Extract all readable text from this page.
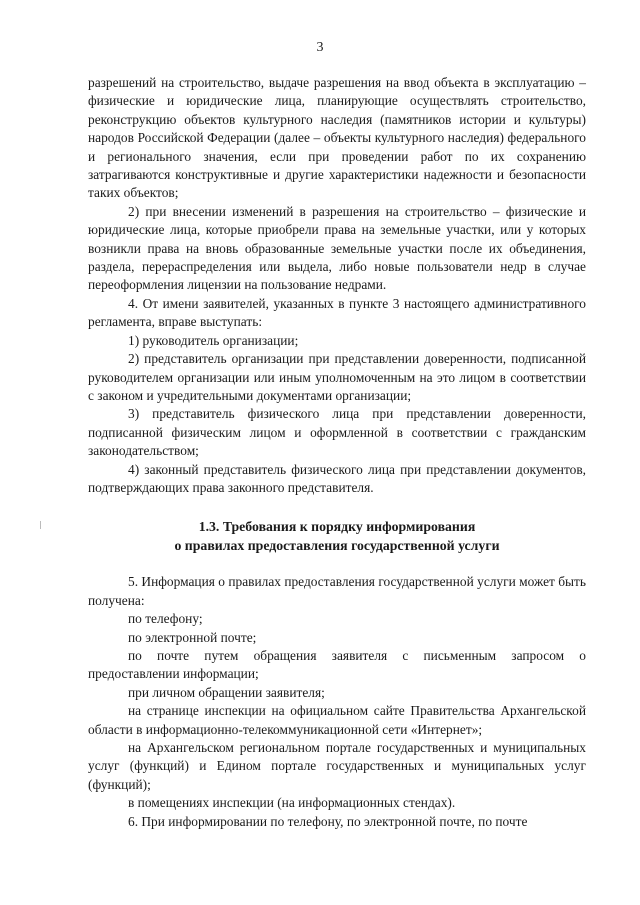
3

разрешений на строительство, выдаче разрешения на ввод объекта в эксплуатацию – физические и юридические лица, планирующие осуществлять строительство, реконструкцию объектов культурного наследия (памятников истории и культуры) народов Российской Федерации (далее – объекты культурного наследия) федерального и регионального значения, если при проведении работ по их сохранению затрагиваются конструктивные и другие характеристики надежности и безопасности таких объектов;

2) при внесении изменений в разрешения на строительство – физические и юридические лица, которые приобрели права на земельные участки, или у которых возникли права на вновь образованные земельные участки после их объединения, раздела, перераспределения или выдела, либо новые пользователи недр в случае переоформления лицензии на пользование недрами.

4. От имени заявителей, указанных в пункте 3 настоящего административного регламента, вправе выступать:

1) руководитель организации;

2) представитель организации при представлении доверенности, подписанной руководителем организации или иным уполномоченным на это лицом в соответствии с законом и учредительными документами организации;

3) представитель физического лица при представлении доверенности, подписанной физическим лицом и оформленной в соответствии с гражданским законодательством;

4) законный представитель физического лица при представлении документов, подтверждающих права законного представителя.

1.3. Требования к порядку информирования
о правилах предоставления государственной услуги

5. Информация о правилах предоставления государственной услуги может быть получена:

по телефону;

по электронной почте;

по почте путем обращения заявителя с письменным запросом о предоставлении информации;

при личном обращении заявителя;

на странице инспекции на официальном сайте Правительства Архангельской области в информационно-телекоммуникационной сети «Интернет»;

на Архангельском региональном портале государственных и муниципальных услуг (функций) и Едином портале государственных и муниципальных услуг (функций);

в помещениях инспекции (на информационных стендах).

6. При информировании по телефону, по электронной почте, по почте
